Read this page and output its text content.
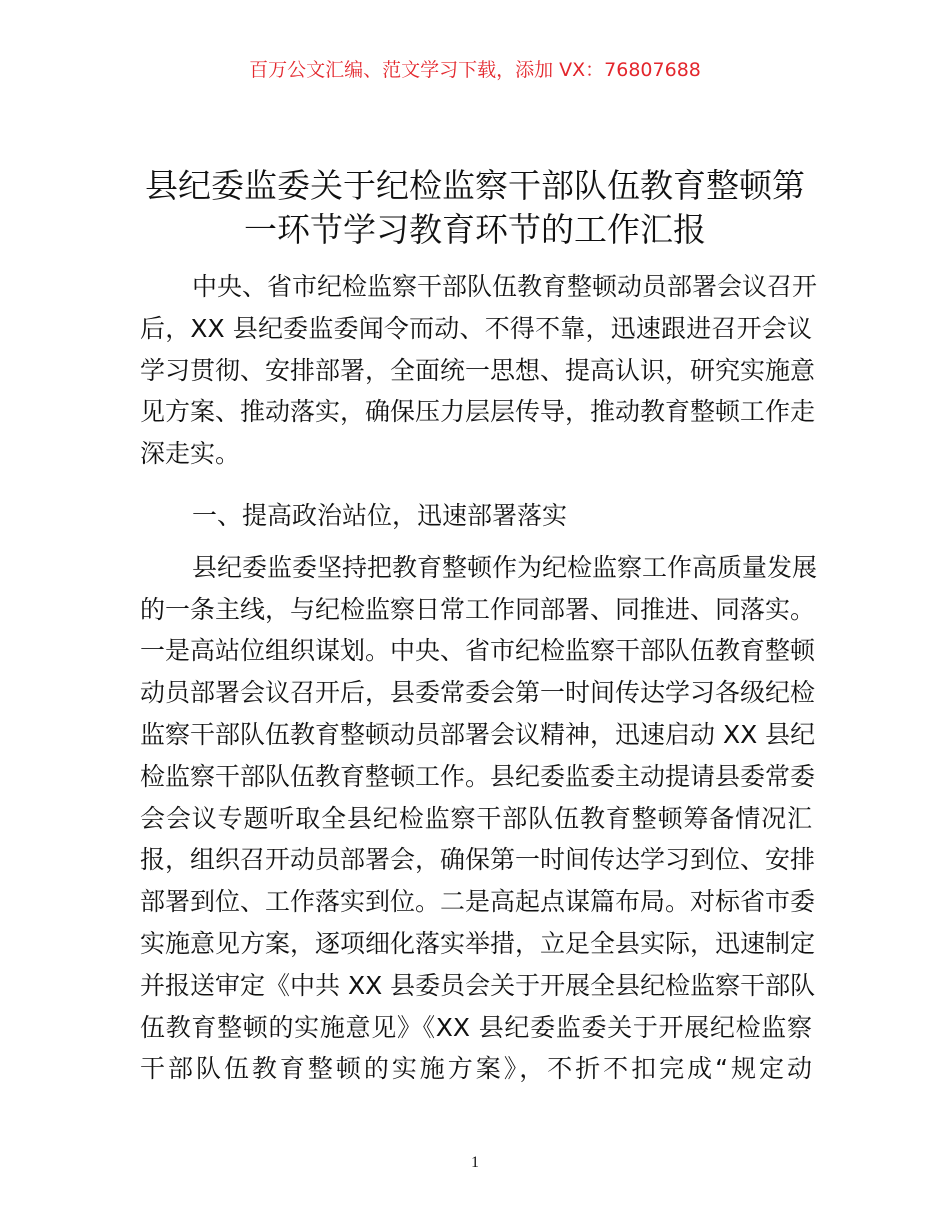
百万公文汇编、范文学习下载，添加 VX：76807688
县纪委监委关于纪检监察干部队伍教育整顿第
一环节学习教育环节的工作汇报
中央、省市纪检监察干部队伍教育整顿动员部署会议召开
后，XX 县纪委监委闻令而动、不得不靠，迅速跟进召开会议
学习贯彻、安排部署，全面统一思想、提高认识，研究实施意
见方案、推动落实，确保压力层层传导，推动教育整顿工作走
深走实。
一、提高政治站位，迅速部署落实
县纪委监委坚持把教育整顿作为纪检监察工作高质量发展
的一条主线，与纪检监察日常工作同部署、同推进、同落实。
一是高站位组织谋划。中央、省市纪检监察干部队伍教育整顿
动员部署会议召开后，县委常委会第一时间传达学习各级纪检
监察干部队伍教育整顿动员部署会议精神，迅速启动 XX 县纪
检监察干部队伍教育整顿工作。县纪委监委主动提请县委常委
会会议专题听取全县纪检监察干部队伍教育整顿筹备情况汇
报，组织召开动员部署会，确保第一时间传达学习到位、安排
部署到位、工作落实到位。二是高起点谋篇布局。对标省市委
实施意见方案，逐项细化落实举措，立足全县实际，迅速制定
并报送审定《中共 XX 县委员会关于开展全县纪检监察干部队
伍教育整顿的实施意见》《XX 县纪委监委关于开展纪检监察
干部队伍教育整顿的实施方案》，不折不扣完成“规定动
1
